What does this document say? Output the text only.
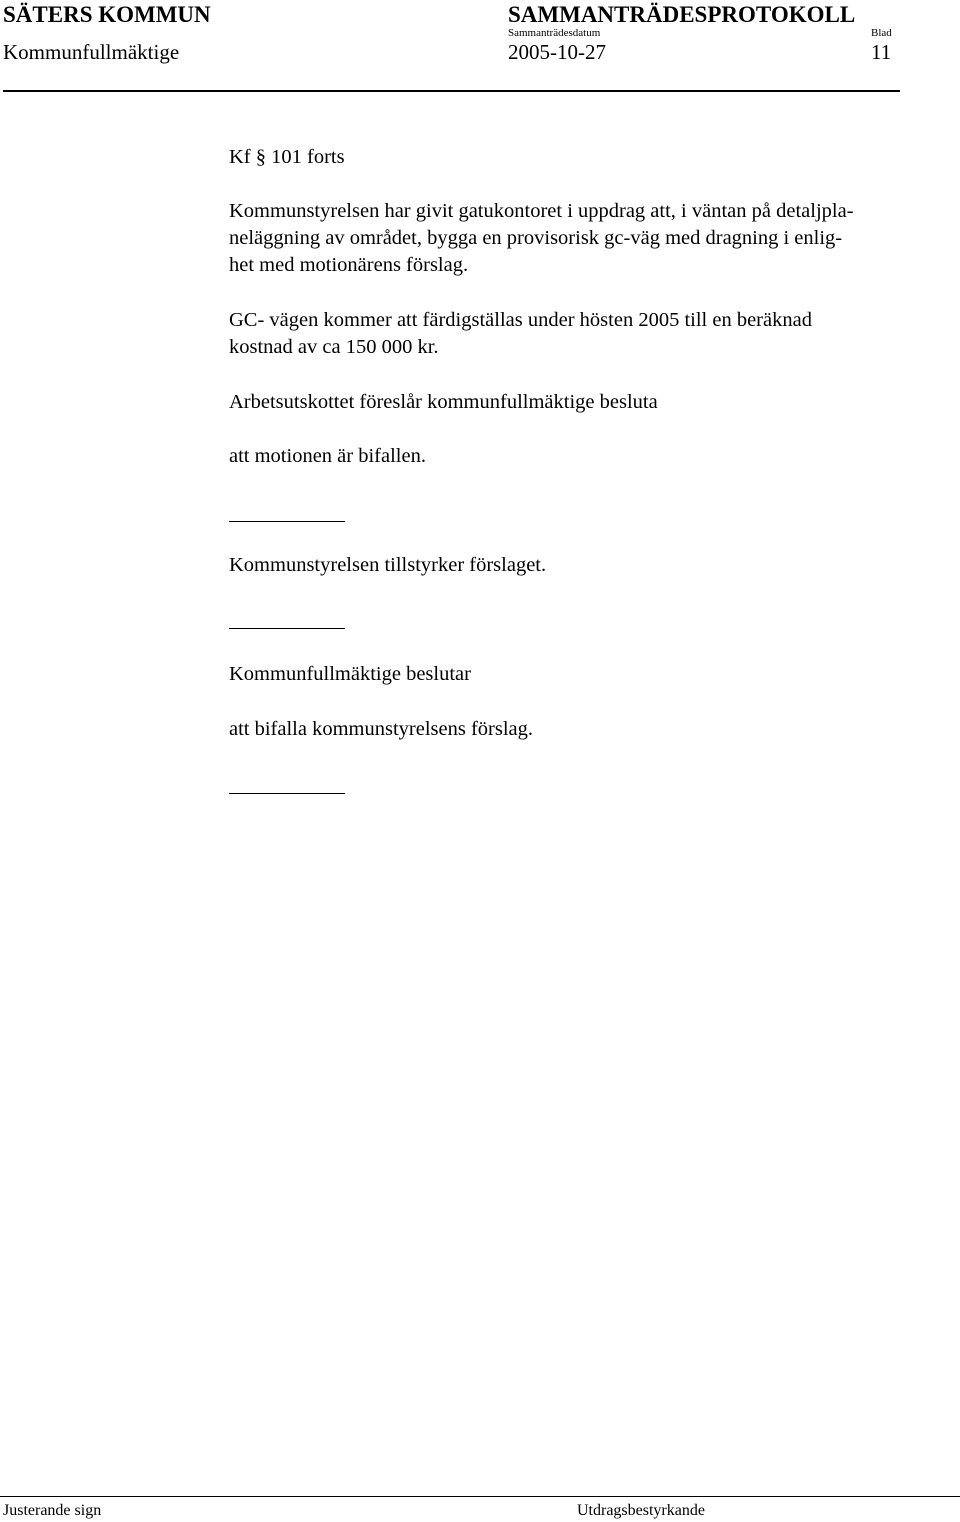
SÄTERS KOMMUN	SAMMANTRÄDESPROTOKOLL
Sammanträdesdatum	Blad
Kommunfullmäktige	2005-10-27	11
Kf § 101 forts
Kommunstyrelsen har givit gatukontoret i uppdrag att, i väntan på detaljpla-
neläggning av området, bygga en provisorisk gc-väg med dragning i enlig-
het med motionärens förslag.
GC- vägen kommer att färdigställas under hösten 2005 till en beräknad
kostnad av ca 150 000 kr.
Arbetsutskottet föreslår kommunfullmäktige besluta
att motionen är bifallen.
Kommunstyrelsen tillstyrker förslaget.
Kommunfullmäktige beslutar
att bifalla kommunstyrelsens förslag.
Justerande sign	Utdragsbestyrkande
